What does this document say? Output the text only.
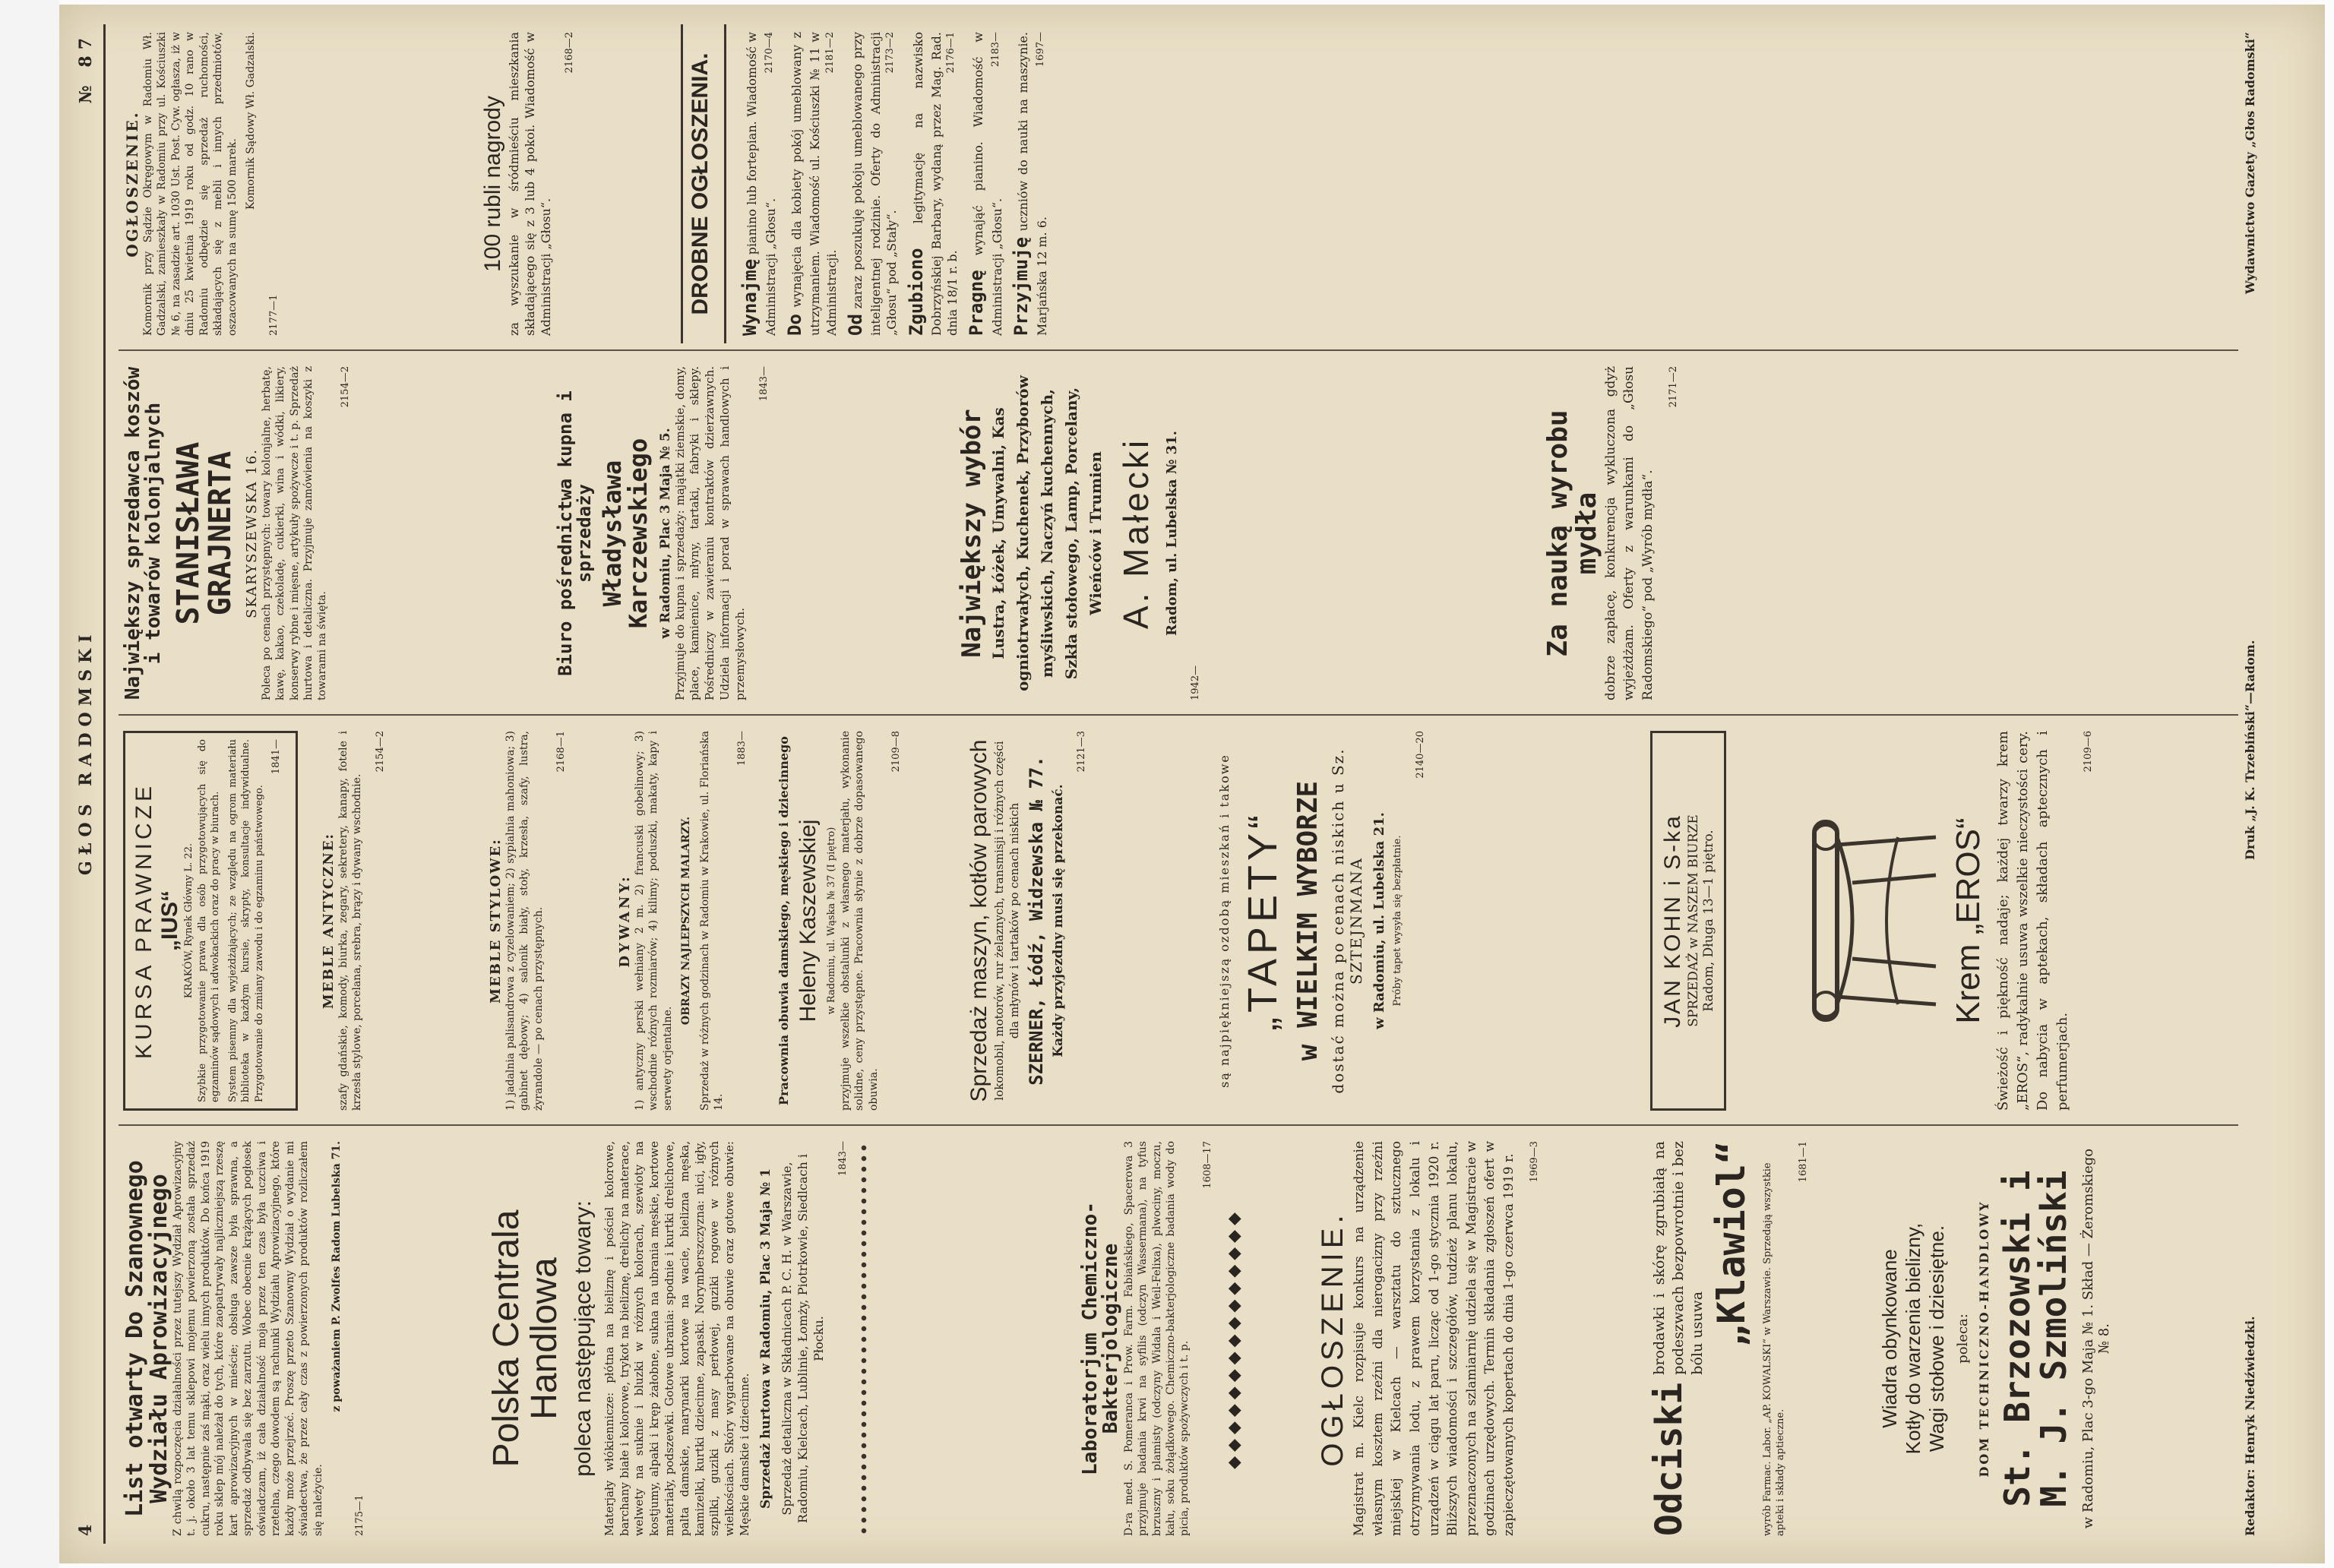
4
GŁOS RADOMSKI
№ 87
List otwarty Do Szanownego Wydziału Aprowizacyjnego Z chwilą rozpoczęcia działalności przez tutejszy Wydział Aprowizacyjny t. j. około 3 lat temu sklepowi mojemu powierzoną została sprzedaż cukru, następnie zaś mąki, oraz wielu innych produktów. Do końca 1919 roku sklep mój należał do tych, które zaopatrywały najliczniejszą rzeszę kart aprowizacyjnych w mieście; obsługa zawsze była sprawna, a sprzedaż odbywała się bez zarzutu. Wobec obecnie krążących pogłosek oświadczam, iż cała działalność moja przez ten czas była uczciwa i rzetelna, czego dowodem są rachunki Wydziału Aprowizacyjnego, które każdy może przejrzeć. Proszę przeto Szanowny Wydział o wydanie mi świadectwa, że przez cały czas z powierzonych produktów rozliczałem się należycie.

z poważaniem P. Zwolfes Radom Lubelska 71.

2175—1

Polska Centrala Handlowa poleca następujące towary: Materjały włókiennicze: płótna na bieliznę i pościel kolorowe, barchany białe i kolorowe, trykot na bieliznę, drelichy na materace, welwety na suknie i bluzki w różnych kolorach, szewioty na kostjumy, alpaki i kręp żałobne, sukna na ubrania męskie, kortowe materiały, podszewki. Gotowe ubrania: spodnie i kurtki drelichowe, palta damskie, marynarki kortowe na wacie, bielizna męska, kamizelki, kurtki dziecinne, zapaski. Norymberszczyzna: nici, igły, szpilki, guziki z masy perłowej, guziki rogowe w różnych wielkościach. Skóry wygarbowane na obuwie oraz gotowe obuwie: Męskie damskie i dziecinne. Sprzedaż hurtowa w Radomiu, Plac 3 Maja № 1 Sprzedaż detaliczna w Składnicach P. C. H. w Warszawie, Radomiu, Kielcach, Lublinie, Łomży, Piotrkowie, Siedlcach i Płocku.

1843—

Laboratorjum Chemiczno-Bakterjologiczne D-ra med. S. Pomeranca i Prow. Farm. Fabiańskiego, Spacerowa 3 przyjmuje badania krwi na syfilis (odczyn Wassermana), na tyfus brzuszny i plamisty (odczyny Widala i Weil-Felixa), plwociny, moczu, kału, soku żołądkowego. Chemiczno-bakterjologiczne badania wody do picia, produktów spożywczych i t. p.

1608—17

◆◆◆◆◆◆◆◆◆◆◆◆◆◆◆ OGŁOSZENIE. Magistrat m. Kielc rozpisuje konkurs na urządzenie własnym kosztem rzeźni dla nierogacizny przy rzeźni miejskiej w Kielcach — warsztatu do sztucznego otrzymywania lodu, z prawem korzystania z lokalu i urządzeń w ciągu lat paru, licząc od 1-go stycznia 1920 r. Bliższych wiadomości i szczegółów, tudzież planu lokalu, przeznaczonych na szlamiarnię udziela się w Magistracie w godzinach urzędowych. Termin składania zgłoszeń ofert w zapieczętowanych kopertach do dnia 1-go czerwca 1919 r. 1969—3

Odciski
brodawki i skórę zgrubiałą na podeszwach bezpowrotnie i bez bólu usuwa „Klawiol“ wyrób Farmac. Labor. „AP. KOWALSKI“ w Warszawie. Sprzedają wszystkie apteki i składy aptieczne.

1681—1

Wiadra obynkowane Kotły do warzenia bielizny, Wagi stołowe i dziesiętne. poleca: DOM TECHNICZNO-HANDLOWY St. Brzozowski i M. J. Szmoliński w Radomiu, Plac 3-go Maja № 1. Skład — Żeromskiego № 8.
KURSA PRAWNICZE „IUS“ KRAKÓW, Rynek Główny L. 22. Szybkie przygotowanie prawa dla osób przygotowujących się do egzaminów sądowych i adwokackich oraz do pracy w biurach. System pisemny dla wyjeżdżających; ze względu na ogrom materiału biblioteka w każdym kursie, skrypty, konsultacje indywidualne. Przygotowanie do zmiany zawodu i do egzaminu państwowego.

1841—

MEBLE ANTYCZNE: szafy gdańskie, komody, biurka, zegary, sekretery, kanapy, fotele i krzesła stylowe, porcelana, srebra, brązy i dywany wschodnie.

2154—2

MEBLE STYLOWE: 1) jadalnia palisandrowa z cyzelowaniem; 2) sypialnia mahoniowa; 3) gabinet dębowy; 4) salonik biały, stoły, krzesła, szafy, lustra, żyrandole — po cenach przystępnych.

2168—1

DYWANY: 1) antyczny perski wełniany 2 m. 2) francuski gobelinowy; 3) wschodnie różnych rozmiarów; 4) kilimy; poduszki, makaty, kapy i serwety orjentalne.

OBRAZY NAJLEPSZYCH MALARZY. Sprzedaż w różnych godzinach w Radomiu w Krakowie, ul. Floriańska 14.

1883— Pracownia obuwia damskiego, męskiego i dziecinnego Heleny Kaszewskiej w Radomiu, ul. Wąska № 37 (I piętro) przyjmuje wszelkie obstalunki z własnego materjału, wykonanie solidne, ceny przystępne. Pracownia słynie z dobrze dopasowanego obuwia.

2109—8	Sprzedaż maszyn, kotłów parowych lokomobil, motorów, rur żelaznych, transmisji i różnych części dla młynów i tartaków po cenach niskich SZERNER, Łódź, Widzewska № 77. Każdy przyjezdny musi się przekonać.

2121—3

są najpiękniejszą ozdobą mieszkań i takowe „TAPETY“ w WIELKIM WYBORZE dostać można po cenach niskich u Sz. SZTEJNMANA w Radomiu, ul. Lubelska 21. Próby tapet wysyła się bezpłatnie.

2140—20

JAN KOHN i S-ka SPRZEDAŻ w NASZEM BIURZE Radom, Długa 13—1 piętro.	Krem „EROS“ Świeżość i piękność nadaje; każdej twarzy krem „EROS“, radykalnie usuwa wszelkie nieczystości cery. Do nabycia w aptekach, składach aptecznych i perfumerjach.

2109—6

Największy sprzedawca koszów i towarów kolonjalnych STANISŁAWA GRAJNERTA SKARYSZEWSKA 16. Poleca po cenach przystępnych: towary kolonjalne, herbatę, kawę, kakao, czekoladę, cukierki, wina i wódki, likiery, konserwy rybne i mięsne, artykuły spożywcze i t. p. Sprzedaż hurtowa i detaliczna. Przyjmuje zamówienia na koszyki z towarami na święta.

2154—2

Biuro pośrednictwa kupna i sprzedaży Władysława Karczewskiego w Radomiu, Plac 3 Maja № 5. Przyjmuje do kupna i sprzedaży: majątki ziemskie, domy, place, kamienice, młyny, tartaki, fabryki i sklepy. Pośredniczy w zawieraniu kontraktów dzierżawnych. Udziela informacji i porad w sprawach handlowych i przemysłowych.

1843—

Największy wybór Lustra, Łóżek, Umywalni, Kas ogniotrwałych, Kuchenek, Przyborów myśliwskich, Naczyń kuchennych, Szkła stołowego, Lamp, Porcelany, Wieńców i Trumien A. Małecki Radom, ul. Lubelska № 31.

1942—

Za nauką wyrobu mydła dobrze zapłacę, konkurencja wykluczona gdyż wyjeżdżam. Oferty z warunkami do „Głosu Radomskiego“ pod „Wyrób mydła“.

2171—2

OGŁOSZENIE. Komornik przy Sądzie Okręgowym w Radomiu Wł. Gadzalski, zamieszkały w Radomiu przy ul. Kościuszki № 6, na zasadzie art. 1030 Ust. Post. Cyw. ogłasza, iż w dniu 25 kwietnia 1919 roku od godz. 10 rano w Radomiu odbędzie się sprzedaż ruchomości, składających się z mebli i innych przedmiotów, oszacowanych na sumę 1500 marek.

Komornik Sądowy Wł. Gadzalski.

2177—1

100 rubli nagrody za wyszukanie w śródmieściu mieszkania składającego się z 3 lub 4 pokoi. Wiadomość w Administracji „Głosu“.

2168—2

DROBNE OGŁOSZENIA. Wynajmę pianino lub fortepian. Wiadomość w Administracji „Głosu“.
2170—4

Do wynajęcia dla kobiety pokój umeblowany z utrzymaniem. Wiadomość ul. Kościuszki № 11 w Administracji.
2181—2

Od zaraz poszukuję pokoju umeblowanego przy inteligentnej rodzinie. Oferty do Administracji „Głosu“ pod „Stały“.
2173—2

Zgubiono legitymację na nazwisko Dobrzyńskiej Barbary, wydaną przez Mag. Rad. dnia 18/1 r. b.
2176—1

Pragnę wynająć pianino. Wiadomość w Administracji „Głosu“.
2183—

Przyjmuję uczniów do nauki na maszynie. Marjańska 12 m. 6.
1697—

Redaktor: Henryk Niedźwiedzki.
Druk „J. K. Trzebiński“—Radom.
Wydawnictwo Gazety „Głos Radomski“
